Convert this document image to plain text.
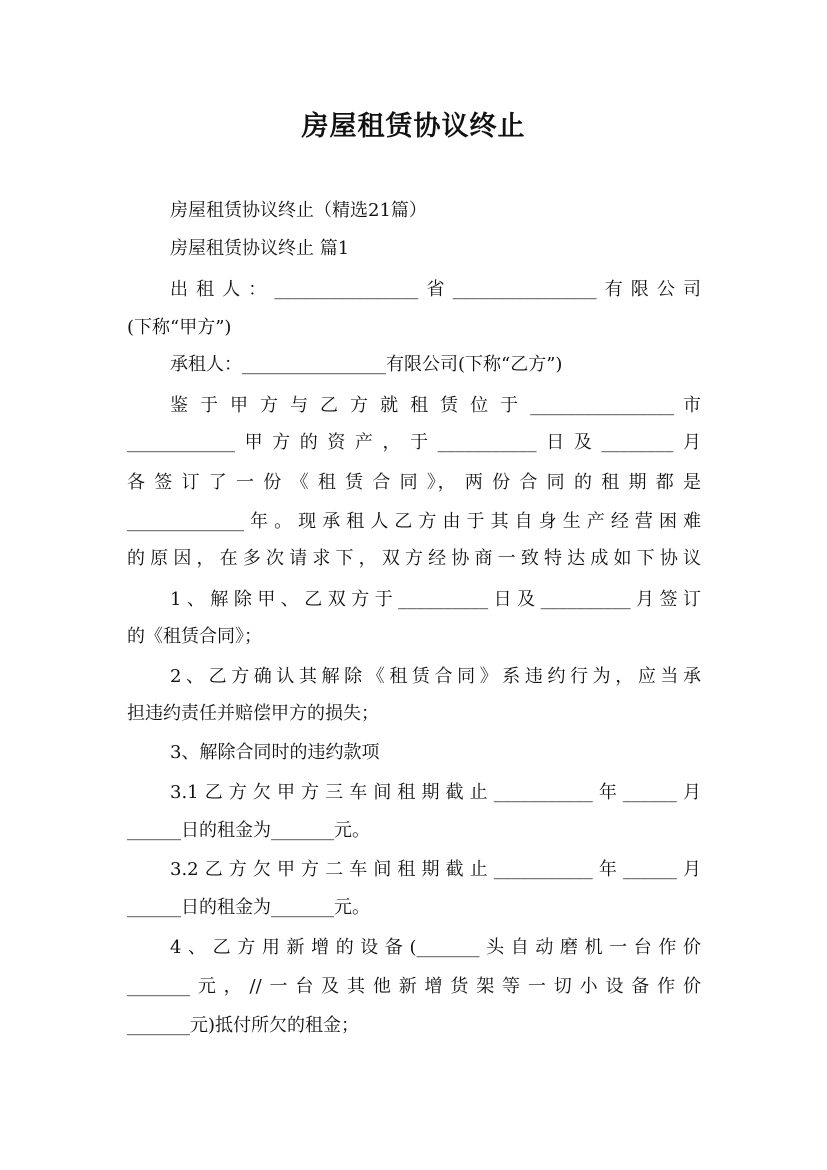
房屋租赁协议终止
房屋租赁协议终止（精选21篇）
房屋租赁协议终止 篇1
出租人：________________省________________有限公司
(下称“甲方”)
承租人：________________有限公司(下称“乙方”)
鉴 于 甲 方 与 乙 方 就 租 赁 位 于 ________________ 市
____________甲方的资产，于___________日及________月
各 签 订 了 一 份 《 租 赁 合 同 》， 两 份 合 同 的 租 期 都 是
_____________年。现承租人乙方由于其自身生产经营困难
的原因，在多次请求下，双方经协商一致特达成如下协议
1、解除甲、乙双方于__________日及__________月签订
的《租赁合同》；
2、乙方确认其解除《租赁合同》系违约行为，应当承
担违约责任并赔偿甲方的损失；
3、解除合同时的违约款项
3.1乙方欠甲方三车间租期截止___________年______月
______日的租金为_______元。
3.2乙方欠甲方二车间租期截止___________年______月
______日的租金为_______元。
4、乙方用新增的设备(_______头自动磨机一台作价
_______元，//一台及其他新增货架等一切小设备作价
_______元)抵付所欠的租金；
